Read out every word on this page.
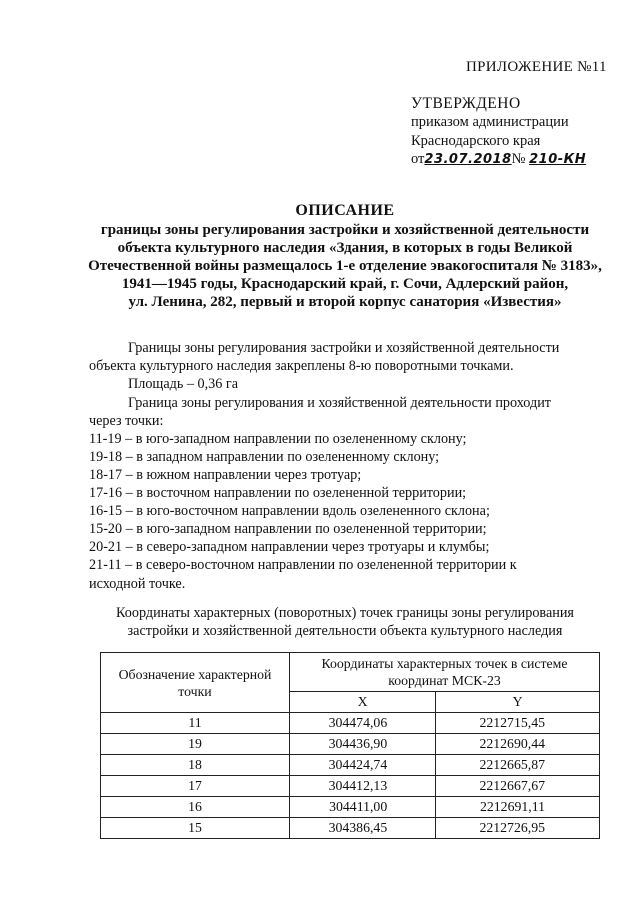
ПРИЛОЖЕНИЕ №11
УТВЕРЖДЕНО
приказом администрации
Краснодарского края
от23.07.2018№ 210-КН
ОПИСАНИЕ
границы зоны регулирования застройки и хозяйственной деятельности
объекта культурного наследия «Здания, в которых в годы Великой
Отечественной войны размещалось 1-е отделение эвакогоспиталя № 3183»,
1941—1945 годы, Краснодарский край, г. Сочи, Адлерский район,
ул. Ленина, 282, первый и второй корпус санатория «Известия»
Границы зоны регулирования застройки и хозяйственной деятельности
объекта культурного наследия закреплены 8-ю поворотными точками.
Площадь – 0,36 га
Граница зоны регулирования и хозяйственной деятельности проходит
через точки:
11-19 – в юго-западном направлении по озелененному склону;
19-18 – в западном направлении по озелененному склону;
18-17 – в южном направлении через тротуар;
17-16 – в восточном направлении по озелененной территории;
16-15 – в юго-восточном направлении вдоль озелененного склона;
15-20 – в юго-западном направлении по озелененной территории;
20-21 – в северо-западном направлении через тротуары и клумбы;
21-11 – в северо-восточном направлении по озелененной территории к
исходной точке.
Координаты характерных (поворотных) точек границы зоны регулирования
застройки и хозяйственной деятельности объекта культурного наследия
Обозначение характерной точки	Координаты характерных точек в системе координат МСК-23	
	X	Y
11	304474,06	2212715,45
19	304436,90	2212690,44
18	304424,74	2212665,87
17	304412,13	2212667,67
16	304411,00	2212691,11
15	304386,45	2212726,95
